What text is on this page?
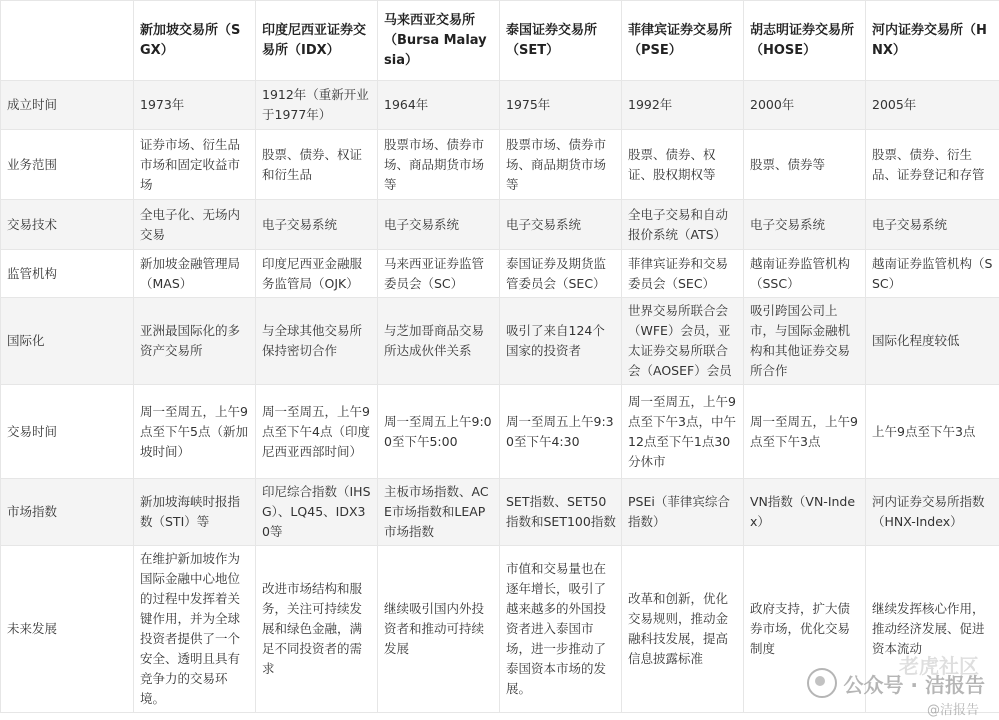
	新加坡交易所（SGX）	印度尼西亚证券交易所（IDX）	马来西亚交易所（Bursa Malaysia）	泰国证券交易所（SET）	菲律宾证券交易所（PSE）	胡志明证券交易所（HOSE）	河内证券交易所（HNX）
成立时间	1973年	1912年（重新开业于1977年）	1964年	1975年	1992年	2000年	2005年
业务范围	证券市场、衍生品市场和固定收益市场	股票、债券、权证和衍生品	股票市场、债券市场、商品期货市场等	股票市场、债券市场、商品期货市场等	股票、债券、权证、股权期权等	股票、债券等	股票、债券、衍生品、证券登记和存管
交易技术	全电子化、无场内交易	电子交易系统	电子交易系统	电子交易系统	全电子交易和自动报价系统（ATS）	电子交易系统	电子交易系统
监管机构	新加坡金融管理局（MAS）	印度尼西亚金融服务监管局（OJK）	马来西亚证券监管委员会（SC）	泰国证券及期货监管委员会（SEC）	菲律宾证券和交易委员会（SEC）	越南证券监管机构（SSC）	越南证券监管机构（SSC）
国际化	亚洲最国际化的多资产交易所	与全球其他交易所保持密切合作	与芝加哥商品交易所达成伙伴关系	吸引了来自124个国家的投资者	世界交易所联合会（WFE）会员，亚太证券交易所联合会（AOSEF）会员	吸引跨国公司上市，与国际金融机构和其他证券交易所合作	国际化程度较低
交易时间	周一至周五，上午9点至下午5点（新加坡时间）	周一至周五，上午9点至下午4点（印度尼西亚西部时间）	周一至周五上午9:00至下午5:00	周一至周五上午9:30至下午4:30	周一至周五，上午9点至下午3点，中午12点至下午1点30分休市	周一至周五，上午9点至下午3点	上午9点至下午3点
市场指数	新加坡海峡时报指数（STI）等	印尼综合指数（IHSG）、LQ45、IDX30等	主板市场指数、ACE市场指数和LEAP市场指数	SET指数、SET50指数和SET100指数	PSEi（菲律宾综合指数）	VN指数（VN-Index）	河内证券交易所指数（HNX-Index）
未来发展	在维护新加坡作为国际金融中心地位的过程中发挥着关键作用，并为全球投资者提供了一个安全、透明且具有竞争力的交易环境。	改进市场结构和服务，关注可持续发展和绿色金融，满足不同投资者的需求	继续吸引国内外投资者和推动可持续发展	市值和交易量也在逐年增长，吸引了越来越多的外国投资者进入泰国市场，进一步推动了泰国资本市场的发展。	改革和创新，优化交易规则，推动金融科技发展，提高信息披露标准	政府支持，扩大债券市场，优化交易制度	继续发挥核心作用，推动经济发展、促进资本流动
老虎社区
公众号 · 洁报告
@洁报告
